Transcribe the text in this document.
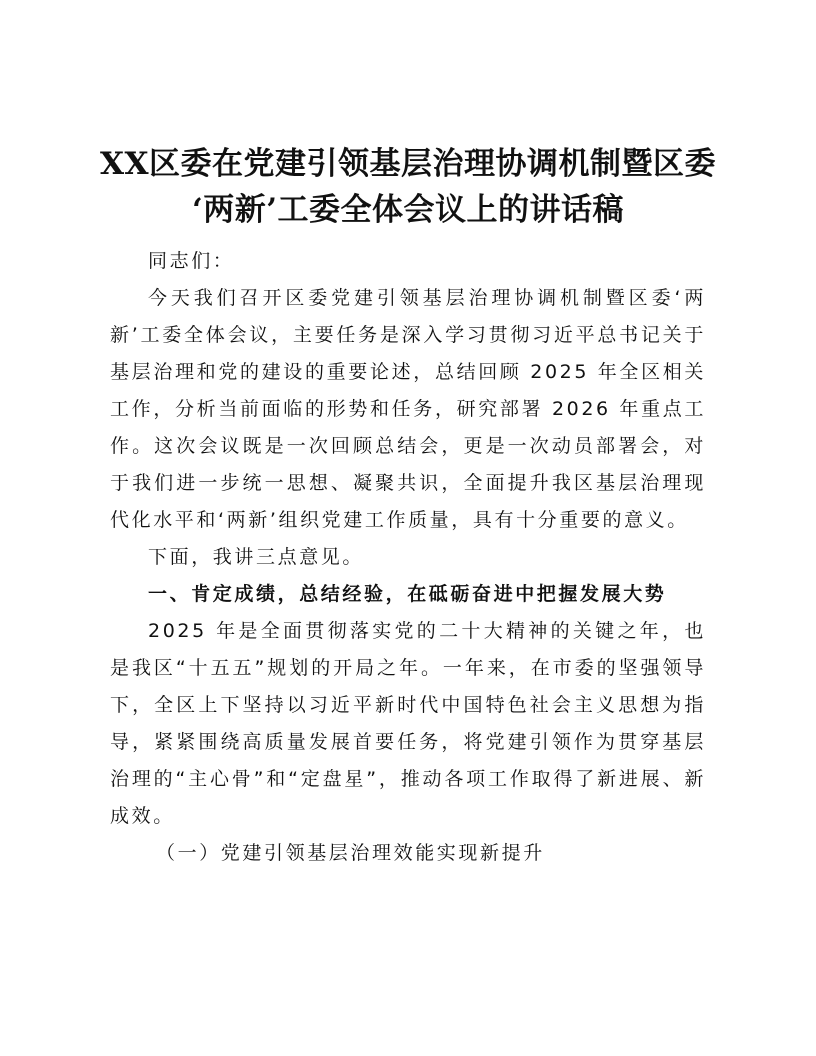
XX区委在党建引领基层治理协调机制暨区委
‘两新’工委全体会议上的讲话稿

同志们：

今天我们召开区委党建引领基层治理协调机制暨区委‘两新’工委全体会议，主要任务是深入学习贯彻习近平总书记关于基层治理和党的建设的重要论述，总结回顾 2025 年全区相关工作，分析当前面临的形势和任务，研究部署 2026 年重点工作。这次会议既是一次回顾总结会，更是一次动员部署会，对于我们进一步统一思想、凝聚共识，全面提升我区基层治理现代化水平和‘两新’组织党建工作质量，具有十分重要的意义。

下面，我讲三点意见。

一、肯定成绩，总结经验，在砥砺奋进中把握发展大势

2025 年是全面贯彻落实党的二十大精神的关键之年，也是我区“十五五”规划的开局之年。一年来，在市委的坚强领导下，全区上下坚持以习近平新时代中国特色社会主义思想为指导，紧紧围绕高质量发展首要任务，将党建引领作为贯穿基层治理的“主心骨”和“定盘星”，推动各项工作取得了新进展、新成效。

（一）党建引领基层治理效能实现新提升
